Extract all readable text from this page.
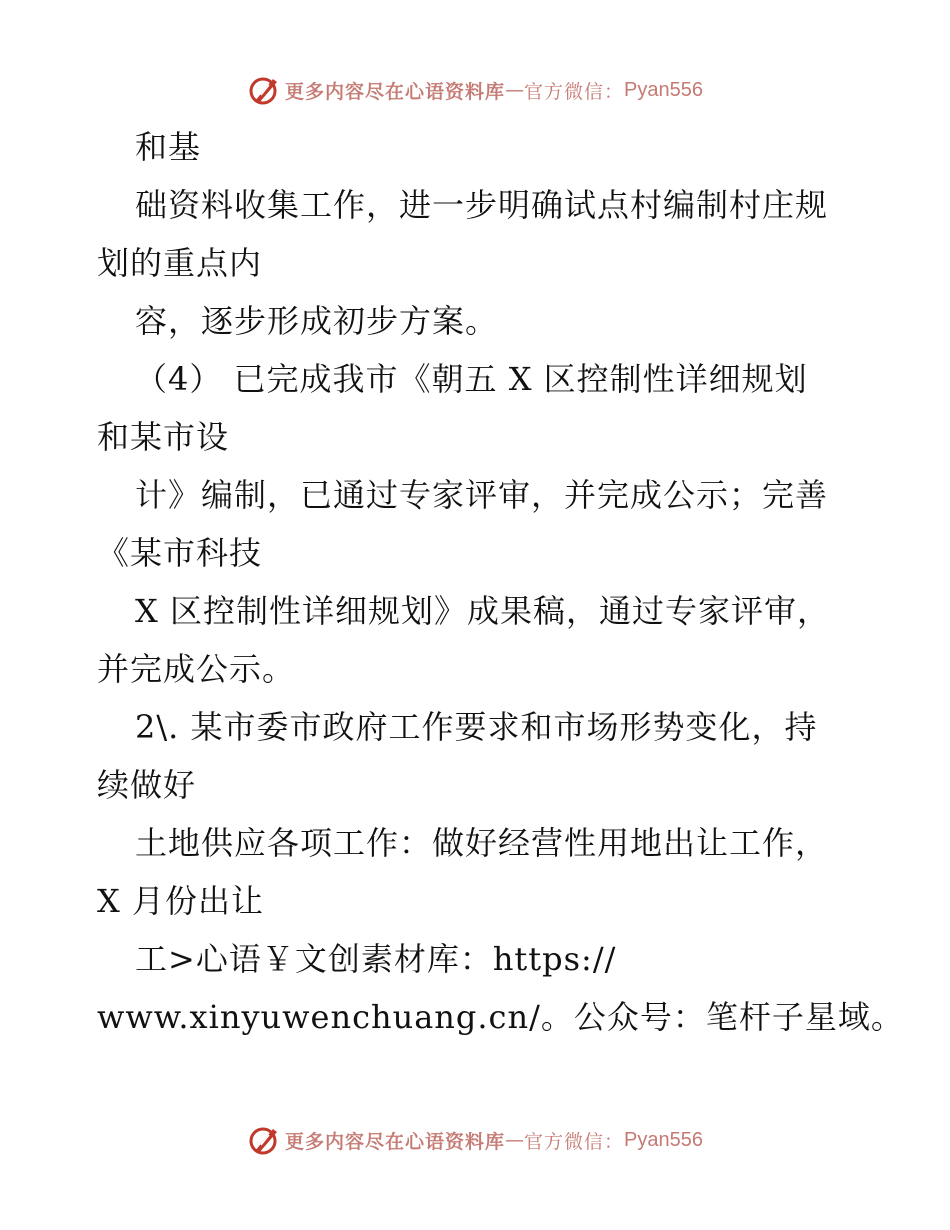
更多内容尽在心语资料库 — 官方微信： Pyan556
和基
础资料收集工作，进一步明确试点村编制村庄规
划的重点内
容，逐步形成初步方案。
（4） 已完成我市《朝五 X 区控制性详细规划
和某市设
计》编制，已通过专家评审，并完成公示；完善
《某市科技
X 区控制性详细规划》成果稿，通过专家评审，
并完成公示。
2\. 某市委市政府工作要求和市场形势变化，持
续做好
土地供应各项工作：做好经营性用地出让工作，
X 月份出让
工>心语￥文创素材库：https://
www.xinyuwenchuang.cn/。公众号：笔杆子星域。
更多内容尽在心语资料库 — 官方微信： Pyan556
